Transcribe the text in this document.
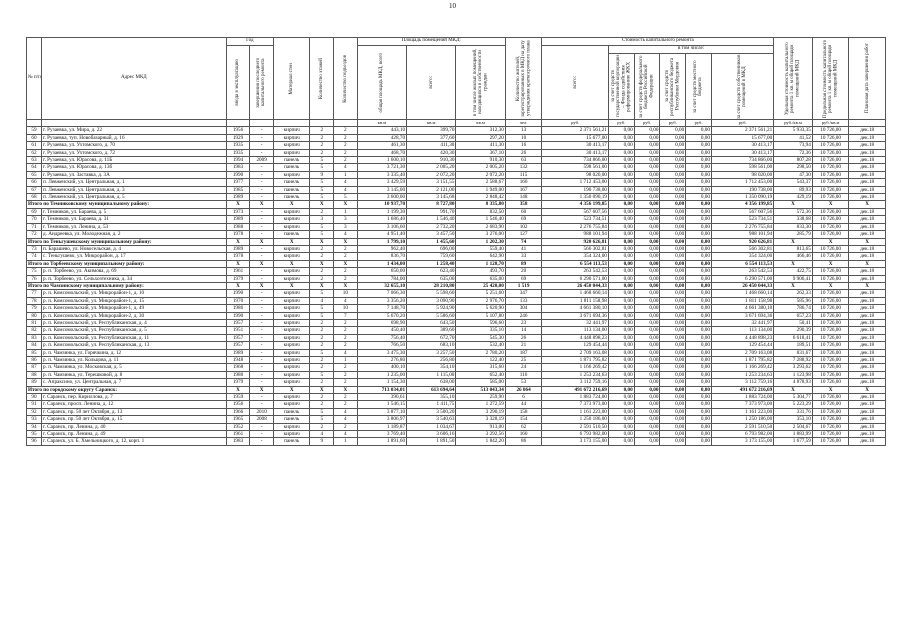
10
№ п/п	Адрес МКД	Год		Материал стен	Количество этажей	Количество подъездов	Площадь помещений МКД:			Количество жителей, зарегистрированных в МКД на дату утверждения краткосрочного плана	Стоимость капитального ремонта						Удельная стоимость капитального ремонта 1 кв. м общей площади помещений МКД	Предельная стоимость капитального ремонта 1 кв. м общей площади помещений МКД	Плановая дата завершения работ

		ввода в эксплуатацию	завершения последнего капитального ремонта				общая площадь МКД, всего	всего:	в том числе жилых помещений, находящихся в собственности граждан		всего:	в том числе:							

												за счет средств государственной корпорации – Фонда содействия реформированию ЖКХ	за счет средств федерального бюджета Российской Федерации	за счет средств республиканского бюджета Республики Мордовия	за счет средств местного бюджета	за счет средств собственников помещений в МКД			

							кв.м	кв.м	кв.м	чел.	руб.	руб.	руб.	руб.	руб.	руб.	руб./кв.м	руб./кв.м	
59	г. Рузаевка, ул. Мира, д. 22	1956	-	кирпич	2	2	443,10	399,70	312,30	13	2 371 561,21	0,00	0,00	0,00	0,00	2 371 561,21	5 933,35	10 726,00	дек.18
60	г. Рузаевка, туп. Новобазарный, д. 16	1929	-	кирпич	2	2	428,70	377,60	297,20	10	15 677,00	0,00	0,00	0,00	0,00	15 677,00	41,52	10 726,00	дек.18
61	г. Рузаевка, ул. Ухтомского, д. 70	1935	-	кирпич	2	2	461,30	411,30	411,30	16	30 413,17	0,00	0,00	0,00	0,00	30 413,17	73,94	10 726,00	дек.18
62	г. Рузаевка, ул. Ухтомского, д. 72	1935	-	кирпич	2	2	468,70	420,30	367,10	26	30 413,17	0,00	0,00	0,00	0,00	30 413,17	72,36	10 726,00	дек.18
63	г. Рузаевка, ул. Юрасова, д. 11Б	1994	2009	панель	5	2	1 600,10	910,30	910,30	63	734 866,00	0,00	0,00	0,00	0,00	734 866,00	807,28	10 726,00	дек.18
64	г. Рузаевка, ул. Юрасова, д. 13б	1983	-	панель	5	4	3 721,30	2 005,20	2 005,20	132	598 561,00	0,00	0,00	0,00	0,00	598 561,00	298,50	10 726,00	дек.18
65	г. Рузаевка, ул. Заставка, д. 3А	1990	-	кирпич	9	1	3 335,40	2 072,20	2 072,20	115	98 020,00	0,00	0,00	0,00	0,00	98 020,00	47,30	10 726,00	дек.18
66	п. Левженский, ул. Центральная, д. 1	1977	-	панель	5	4	3 429,59	3 151,55	2 588,67	160	1 712 453,00	0,00	0,00	0,00	0,00	1 712 453,00	543,37	10 726,00	дек.18
67	п. Левженский, ул. Центральная, д. 3	1985	-	панель	5	4	3 145,00	2 121,00	1 949,00	167	190 738,00	0,00	0,00	0,00	0,00	190 738,00	89,93	10 726,00	дек.18
68	п. Левженский, ул. Центральная, д. 5	1989	-	панель	5	5	3 600,00	3 145,68	2 848,42	148	1 350 090,19	0,00	0,00	0,00	0,00	1 350 090,19	429,19	10 726,00	дек.18
Итого по Темниковскому муниципальному району:		X	X	X	X	X	10 937,70	8 727,80	8 335,80	358	4 356 199,85	0,00	0,00	0,00	0,00	4 356 199,85	X	X	X
69	г. Темников, ул. Бараева, д. 5	1973	-	кирпич	2	1	1 199,30	991,70	832,50	60	567 607,56	0,00	0,00	0,00	0,00	567 607,56	572,36	10 726,00	дек.18
70	г. Темников, ул. Бараева, д. 31	1989	-	кирпич	3	3	1 686,40	1 546,40	1 546,40	69	523 734,51	0,00	0,00	0,00	0,00	523 734,51	338,68	10 726,00	дек.18
71	г. Темников, ул. Ленина, д. 53	1988	-	кирпич	5	3	3 106,60	2 732,20	2 683,90	102	2 276 755,84	0,00	0,00	0,00	0,00	2 276 755,84	833,30	10 726,00	дек.18
72	д. Андреевка, ул. Молодежная, д. 2	1978	-	панель	5	4	4 951,40	3 457,50	3 276,00	127	988 101,94	0,00	0,00	0,00	0,00	988 101,94	285,79	10 726,00	дек.18
Итого по Теньгушевскому муниципальному району:		X	X	X	X	X	1 799,10	1 455,60	1 202,30	74	920 626,81	0,00	0,00	0,00	0,00	920 626,81	X	X	X
73	п. Барашево, ул. Новосельская, д. 4	1989	-	кирпич	2	2	962,40	696,00	559,40	41	566 302,81	0,00	0,00	0,00	0,00	566 302,81	813,65	10 726,00	дек.18
74	с. Теньгушево, ул. Микрорайон, д. 17	1978	-	кирпич	2	2	836,70	759,60	642,90	33	354 324,00	0,00	0,00	0,00	0,00	354 324,00	466,46	10 726,00	дек.18
Итого по Торбеевскому муниципальному району:		X	X	X	X	X	1 434,00	1 258,40	1 128,70	89	6 554 113,53	0,00	0,00	0,00	0,00	6 554 113,53	X	X	X
75	р. п. Торбеево, ул. Акимова, д. 69	1961	-	кирпич	2	2	650,00	623,40	493,70	20	263 542,53	0,00	0,00	0,00	0,00	263 542,53	422,75	10 726,00	дек.18
76	р. п. Торбеево, ул. Сельхозтехника, д. 34	1979	-	кирпич	2	2	784,00	635,00	635,00	69	6 290 571,00	0,00	0,00	0,00	0,00	6 290 571,00	9 906,41	10 726,00	дек.18
Итого по Чамзинскому муниципальному району:		X	X	X	X	X	32 655,10	28 210,80	25 420,00	1 519	26 450 044,33	0,00	0,00	0,00	0,00	26 450 044,33	X	X	X
77	р. п. Комсомольский, ул. Микрорайон-1, д. 10	1990	-	кирпич	5	10	7 066,30	5 598,60	5 251,60	347	1 468 660,14	0,00	0,00	0,00	0,00	1 468 660,14	262,33	10 726,00	дек.18
78	р. п. Комсомольский, ул. Микрорайон-1, д. 15	1970	-	кирпич	4	4	3 356,20	3 090,90	2 976,70	133	1 811 158,98	0,00	0,00	0,00	0,00	1 811 158,98	585,96	10 726,00	дек.18
79	р. п. Комсомольский, ул. Микрорайон-1, д. 49	1986	-	кирпич	5	10	7 148,70	5 924,90	5 620,90	304	4 661 380,10	0,00	0,00	0,00	0,00	4 661 380,10	786,74	10 726,00	дек.18
80	р. п. Комсомольский, ул. Микрорайон-2, д. 30	1990	-	кирпич	5	7	5 670,20	5 586,60	5 107,80	246	3 671 694,36	0,00	0,00	0,00	0,00	3 671 694,36	657,23	10 726,00	дек.18
81	р. п. Комсомольский, ул. Республиканская, д. 4	1957	-	кирпич	2	2	698,90	643,50	596,60	23	32 441,97	0,00	0,00	0,00	0,00	32 441,97	50,41	10 726,00	дек.18
82	р. п. Комсомольский, ул. Республиканская, д. 5	1951	-	кирпич	2	2	450,40	389,60	335,10	14	113 134,00	0,00	0,00	0,00	0,00	113 134,00	290,39	10 726,00	дек.18
83	р. п. Комсомольский, ул. Республиканская, д. 11	1957	-	кирпич	2	2	756,40	672,70	545,30	26	4 448 898,23	0,00	0,00	0,00	0,00	4 448 898,23	6 618,41	10 726,00	дек.18
84	р. п. Комсомольский, ул. Республиканская, д. 13	1957	-	кирпич	2	2	766,50	683,10	532,40	21	129 454,44	0,00	0,00	0,00	0,00	129 454,44	189,51	10 726,00	дек.18
85	р. п. Чамзинка, ул. Горячкина, д. 12	1989	-	кирпич	5	4	3 475,30	3 257,50	2 780,20	187	2 709 163,08	0,00	0,00	0,00	0,00	2 709 163,08	831,67	10 726,00	дек.18
86	р. п. Чамзинка, ул. Кольцова, д. 11	1948	-	кирпич	2	1	276,80	256,80	122,40	25	1 871 795,82	0,00	0,00	0,00	0,00	1 871 795,82	7 288,92	10 726,00	дек.18
87	р. п. Чамзинка, ул. Московская, д. 5	1968	-	кирпич	2	2	400,10	354,10	315,60	24	1 166 269,42	0,00	0,00	0,00	0,00	1 166 269,42	3 293,62	10 726,00	дек.18
88	р. п. Чамзинка, ул. Терешковой, д. 8	1980	-	кирпич	5	2	1 235,00	1 115,00	652,40	116	1 253 234,63	0,00	0,00	0,00	0,00	1 253 234,63	1 123,98	10 726,00	дек.18
89	с. Апраксино, ул. Центральная, д. 7	1979	-	кирпич	2	2	1 154,30	638,00	585,00	53	3 112 759,16	0,00	0,00	0,00	0,00	3 112 759,16	4 878,93	10 726,00	дек.18
Итого по городскому округу Саранск:		X	X	X	X	X	713 034,01	613 694,64	513 043,34	26 064	491 672 216,69	0,00	0,00	0,00	0,00	491 672 216,69	X	X	X
90	г. Саранск, пер. Кириллова, д. 7	1959	-	кирпич	2	2	390,61	355,10	259,90	6	1 883 724,00	0,00	0,00	0,00	0,00	1 883 724,00	5 304,77	10 726,00	дек.18
91	г. Саранск, просп. Ленина, д. 12	1956	-	кирпич	2	2	1 546,15	1 411,75	1 272,59	44	7 373 973,00	0,00	0,00	0,00	0,00	7 373 973,00	5 223,29	10 726,00	дек.18
92	г. Саранск, пр. 50 лет Октября, д. 13	1966	2010	панель	5	4	3 877,10	3 500,20	3 290,19	158	1 161 223,00	0,00	0,00	0,00	0,00	1 161 223,00	331,76	10 726,00	дек.18
93	г. Саранск, пр. 50 лет Октября, д. 15	1965	2008	панель	5	4	3 806,97	3 540,63	3 328,19	154	1 250 186,00	0,00	0,00	0,00	0,00	1 250 186,00	353,10	10 726,00	дек.18
94	г. Саранск, пр. Ленина, д. 40	1952	-	кирпич	2	2	1 189,87	1 034,67	913,00	62	2 591 510,50	0,00	0,00	0,00	0,00	2 591 510,50	2 504,67	10 726,00	дек.18
95	г. Саранск, пр. Ленина, д. 49	1961	-	кирпич	4	4	3 769,40	3 606,16	3 292,56	160	6 793 982,00	0,00	0,00	0,00	0,00	6 793 982,00	1 883,99	10 726,00	дек.18
96	г. Саранск, ул. Б. Хмельницкого, д. 12, корп. 1	1983	-	панель	9	1	1 891,60	1 891,50	1 842,20	86	3 173 155,00	0,00	0,00	0,00	0,00	3 173 155,00	1 677,59	10 726,00	дек.18
